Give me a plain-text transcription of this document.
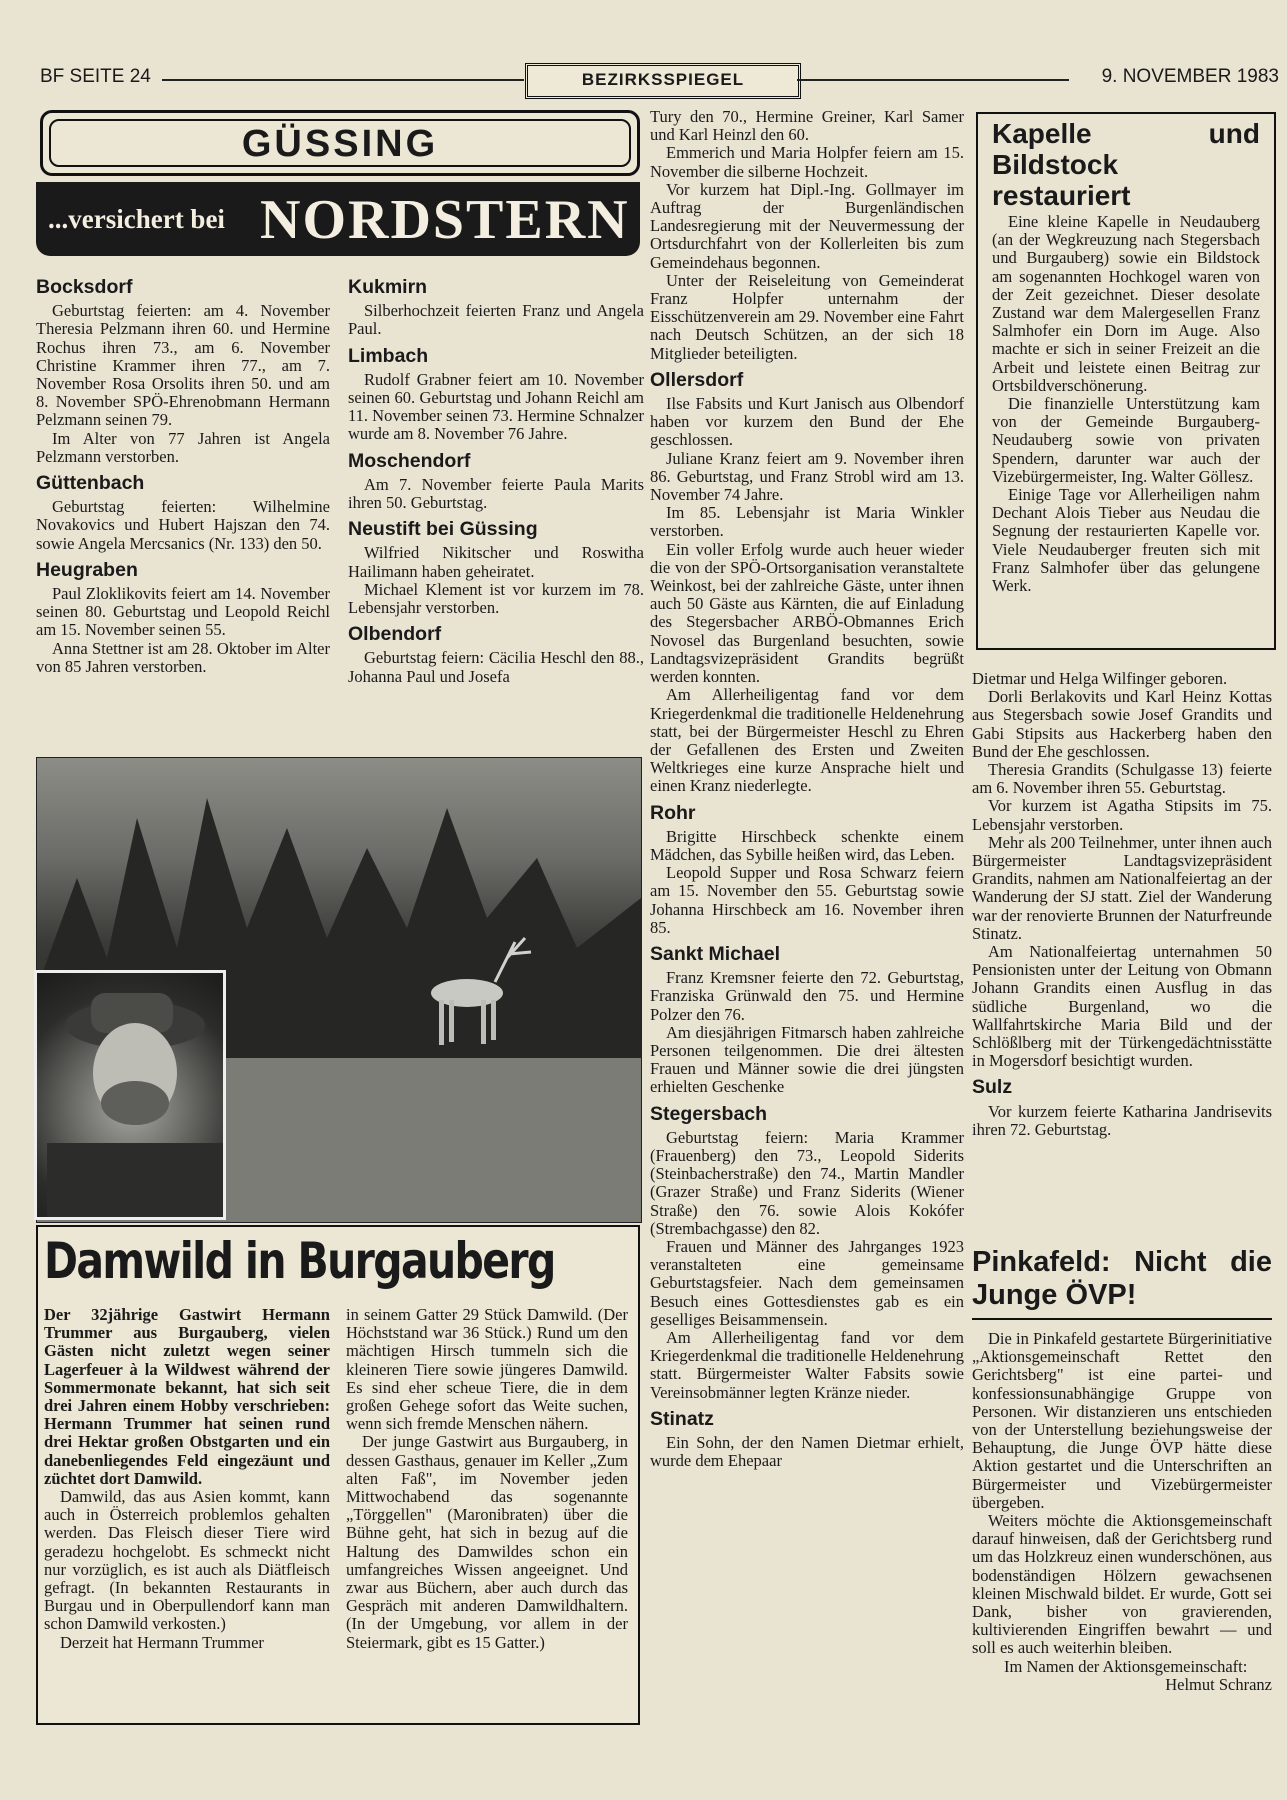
BF SEITE 24	BEZIRKSSPIEGEL	9. NOVEMBER 1983
GÜSSING
...versichert bei NORDSTERN
Bocksdorf

Geburtstag feierten: am 4. November Theresia Pelzmann ihren 60. und Hermine Rochus ihren 73., am 6. November Christine Krammer ihren 77., am 7. November Rosa Orsolits ihren 50. und am 8. November SPÖ-Ehrenobmann Hermann Pelzmann seinen 79.

Im Alter von 77 Jahren ist Angela Pelzmann verstorben.

Güttenbach

Geburtstag feierten: Wilhelmine Novakovics und Hubert Hajszan den 74. sowie Angela Mercsanics (Nr. 133) den 50.

Heugraben

Paul Zloklikovits feiert am 14. November seinen 80. Geburtstag und Leopold Reichl am 15. November seinen 55.

Anna Stettner ist am 28. Oktober im Alter von 85 Jahren verstorben.

Kukmirn

Silberhochzeit feierten Franz und Angela Paul.

Limbach

Rudolf Grabner feiert am 10. November seinen 60. Geburtstag und Johann Reichl am 11. November seinen 73. Hermine Schnalzer wurde am 8. November 76 Jahre.

Moschendorf

Am 7. November feierte Paula Marits ihren 50. Geburtstag.

Neustift bei Güssing

Wilfried Nikitscher und Roswitha Hailimann haben geheiratet.

Michael Klement ist vor kurzem im 78. Lebensjahr verstorben.

Olbendorf

Geburtstag feiern: Cäcilia Heschl den 88., Johanna Paul und Josefa

Damwild in Burgauberg

Der 32jährige Gastwirt Hermann Trummer aus Burgauberg, vielen Gästen nicht zuletzt wegen seiner Lagerfeuer à la Wildwest während der Sommermonate bekannt, hat sich seit drei Jahren einem Hobby verschrieben: Hermann Trummer hat seinen rund drei Hektar großen Obstgarten und ein danebenliegendes Feld eingezäunt und züchtet dort Damwild.

Damwild, das aus Asien kommt, kann auch in Österreich problemlos gehalten werden. Das Fleisch dieser Tiere wird geradezu hochgelobt. Es schmeckt nicht nur vorzüglich, es ist auch als Diätfleisch gefragt. (In bekannten Restaurants in Burgau und in Oberpullendorf kann man schon Damwild verkosten.)

Derzeit hat Hermann Trummer

in seinem Gatter 29 Stück Damwild. (Der Höchststand war 36 Stück.) Rund um den mächtigen Hirsch tummeln sich die kleineren Tiere sowie jüngeres Damwild. Es sind eher scheue Tiere, die in dem großen Gehege sofort das Weite suchen, wenn sich fremde Menschen nähern.

Der junge Gastwirt aus Burgauberg, in dessen Gasthaus, genauer im Keller „Zum alten Faß", im November jeden Mittwochabend das sogenannte „Törggellen" (Maronibraten) über die Bühne geht, hat sich in bezug auf die Haltung des Damwildes schon ein umfangreiches Wissen angeeignet. Und zwar aus Büchern, aber auch durch das Gespräch mit anderen Damwildhaltern. (In der Umgebung, vor allem in der Steiermark, gibt es 15 Gatter.)

Tury den 70., Hermine Greiner, Karl Samer und Karl Heinzl den 60.

Emmerich und Maria Holpfer feiern am 15. November die silberne Hochzeit.

Vor kurzem hat Dipl.-Ing. Gollmayer im Auftrag der Burgenländischen Landesregierung mit der Neuvermessung der Ortsdurchfahrt von der Kollerleiten bis zum Gemeindehaus begonnen.

Unter der Reiseleitung von Gemeinderat Franz Holpfer unternahm der Eisschützenverein am 29. November eine Fahrt nach Deutsch Schützen, an der sich 18 Mitglieder beteiligten.

Ollersdorf

Ilse Fabsits und Kurt Janisch aus Olbendorf haben vor kurzem den Bund der Ehe geschlossen.

Juliane Kranz feiert am 9. November ihren 86. Geburtstag, und Franz Strobl wird am 13. November 74 Jahre.

Im 85. Lebensjahr ist Maria Winkler verstorben.

Ein voller Erfolg wurde auch heuer wieder die von der SPÖ-Ortsorganisation veranstaltete Weinkost, bei der zahlreiche Gäste, unter ihnen auch 50 Gäste aus Kärnten, die auf Einladung des Stegersbacher ARBÖ-Obmannes Erich Novosel das Burgenland besuchten, sowie Landtagsvizepräsident Grandits begrüßt werden konnten.

Am Allerheiligentag fand vor dem Kriegerdenkmal die traditionelle Heldenehrung statt, bei der Bürgermeister Heschl zu Ehren der Gefallenen des Ersten und Zweiten Weltkrieges eine kurze Ansprache hielt und einen Kranz niederlegte.

Rohr

Brigitte Hirschbeck schenkte einem Mädchen, das Sybille heißen wird, das Leben.

Leopold Supper und Rosa Schwarz feiern am 15. November den 55. Geburtstag sowie Johanna Hirschbeck am 16. November ihren 85.

Sankt Michael

Franz Kremsner feierte den 72. Geburtstag, Franziska Grünwald den 75. und Hermine Polzer den 76.

Am diesjährigen Fitmarsch haben zahlreiche Personen teilgenommen. Die drei ältesten Frauen und Männer sowie die drei jüngsten erhielten Geschenke

Stegersbach

Geburtstag feiern: Maria Krammer (Frauenberg) den 73., Leopold Siderits (Steinbacherstraße) den 74., Martin Mandler (Grazer Straße) und Franz Siderits (Wiener Straße) den 76. sowie Alois Kokófer (Strembachgasse) den 82.

Frauen und Männer des Jahrganges 1923 veranstalteten eine gemeinsame Geburtstagsfeier. Nach dem gemeinsamen Besuch eines Gottesdienstes gab es ein geselliges Beisammensein.

Am Allerheiligentag fand vor dem Kriegerdenkmal die traditionelle Heldenehrung statt. Bürgermeister Walter Fabsits sowie Vereinsobmänner legten Kränze nieder.

Stinatz

Ein Sohn, der den Namen Dietmar erhielt, wurde dem Ehepaar

Kapelle und Bildstock restauriert

Eine kleine Kapelle in Neudauberg (an der Wegkreuzung nach Stegersbach und Burgauberg) sowie ein Bildstock am sogenannten Hochkogel waren von der Zeit gezeichnet. Dieser desolate Zustand war dem Malergesellen Franz Salmhofer ein Dorn im Auge. Also machte er sich in seiner Freizeit an die Arbeit und leistete einen Beitrag zur Ortsbildverschönerung.

Die finanzielle Unterstützung kam von der Gemeinde Burgauberg-Neudauberg sowie von privaten Spendern, darunter war auch der Vizebürgermeister, Ing. Walter Göllesz.

Einige Tage vor Allerheiligen nahm Dechant Alois Tieber aus Neudau die Segnung der restaurierten Kapelle vor. Viele Neudauberger freuten sich mit Franz Salmhofer über das gelungene Werk.

Dietmar und Helga Wilfinger geboren.

Dorli Berlakovits und Karl Heinz Kottas aus Stegersbach sowie Josef Grandits und Gabi Stipsits aus Hackerberg haben den Bund der Ehe geschlossen.

Theresia Grandits (Schulgasse 13) feierte am 6. November ihren 55. Geburtstag.

Vor kurzem ist Agatha Stipsits im 75. Lebensjahr verstorben.

Mehr als 200 Teilnehmer, unter ihnen auch Bürgermeister Landtagsvizepräsident Grandits, nahmen am Nationalfeiertag an der Wanderung der SJ statt. Ziel der Wanderung war der renovierte Brunnen der Naturfreunde Stinatz.

Am Nationalfeiertag unternahmen 50 Pensionisten unter der Leitung von Obmann Johann Grandits einen Ausflug in das südliche Burgenland, wo die Wallfahrtskirche Maria Bild und der Schlößlberg mit der Türkengedächtnisstätte in Mogersdorf besichtigt wurden.

Sulz

Vor kurzem feierte Katharina Jandrisevits ihren 72. Geburtstag.

Pinkafeld: Nicht die Junge ÖVP!

Die in Pinkafeld gestartete Bürgerinitiative „Aktionsgemeinschaft Rettet den Gerichtsberg" ist eine partei- und konfessionsunabhängige Gruppe von Personen. Wir distanzieren uns entschieden von der Unterstellung beziehungsweise der Behauptung, die Junge ÖVP hätte diese Aktion gestartet und die Unterschriften an Bürgermeister und Vizebürgermeister übergeben.

Weiters möchte die Aktionsgemeinschaft darauf hinweisen, daß der Gerichtsberg rund um das Holzkreuz einen wunderschönen, aus bodenständigen Hölzern gewachsenen kleinen Mischwald bildet. Er wurde, Gott sei Dank, bisher von gravierenden, kultivierenden Eingriffen bewahrt — und soll es auch weiterhin bleiben.

Im Namen der Aktionsgemeinschaft:
Helmut Schranz
